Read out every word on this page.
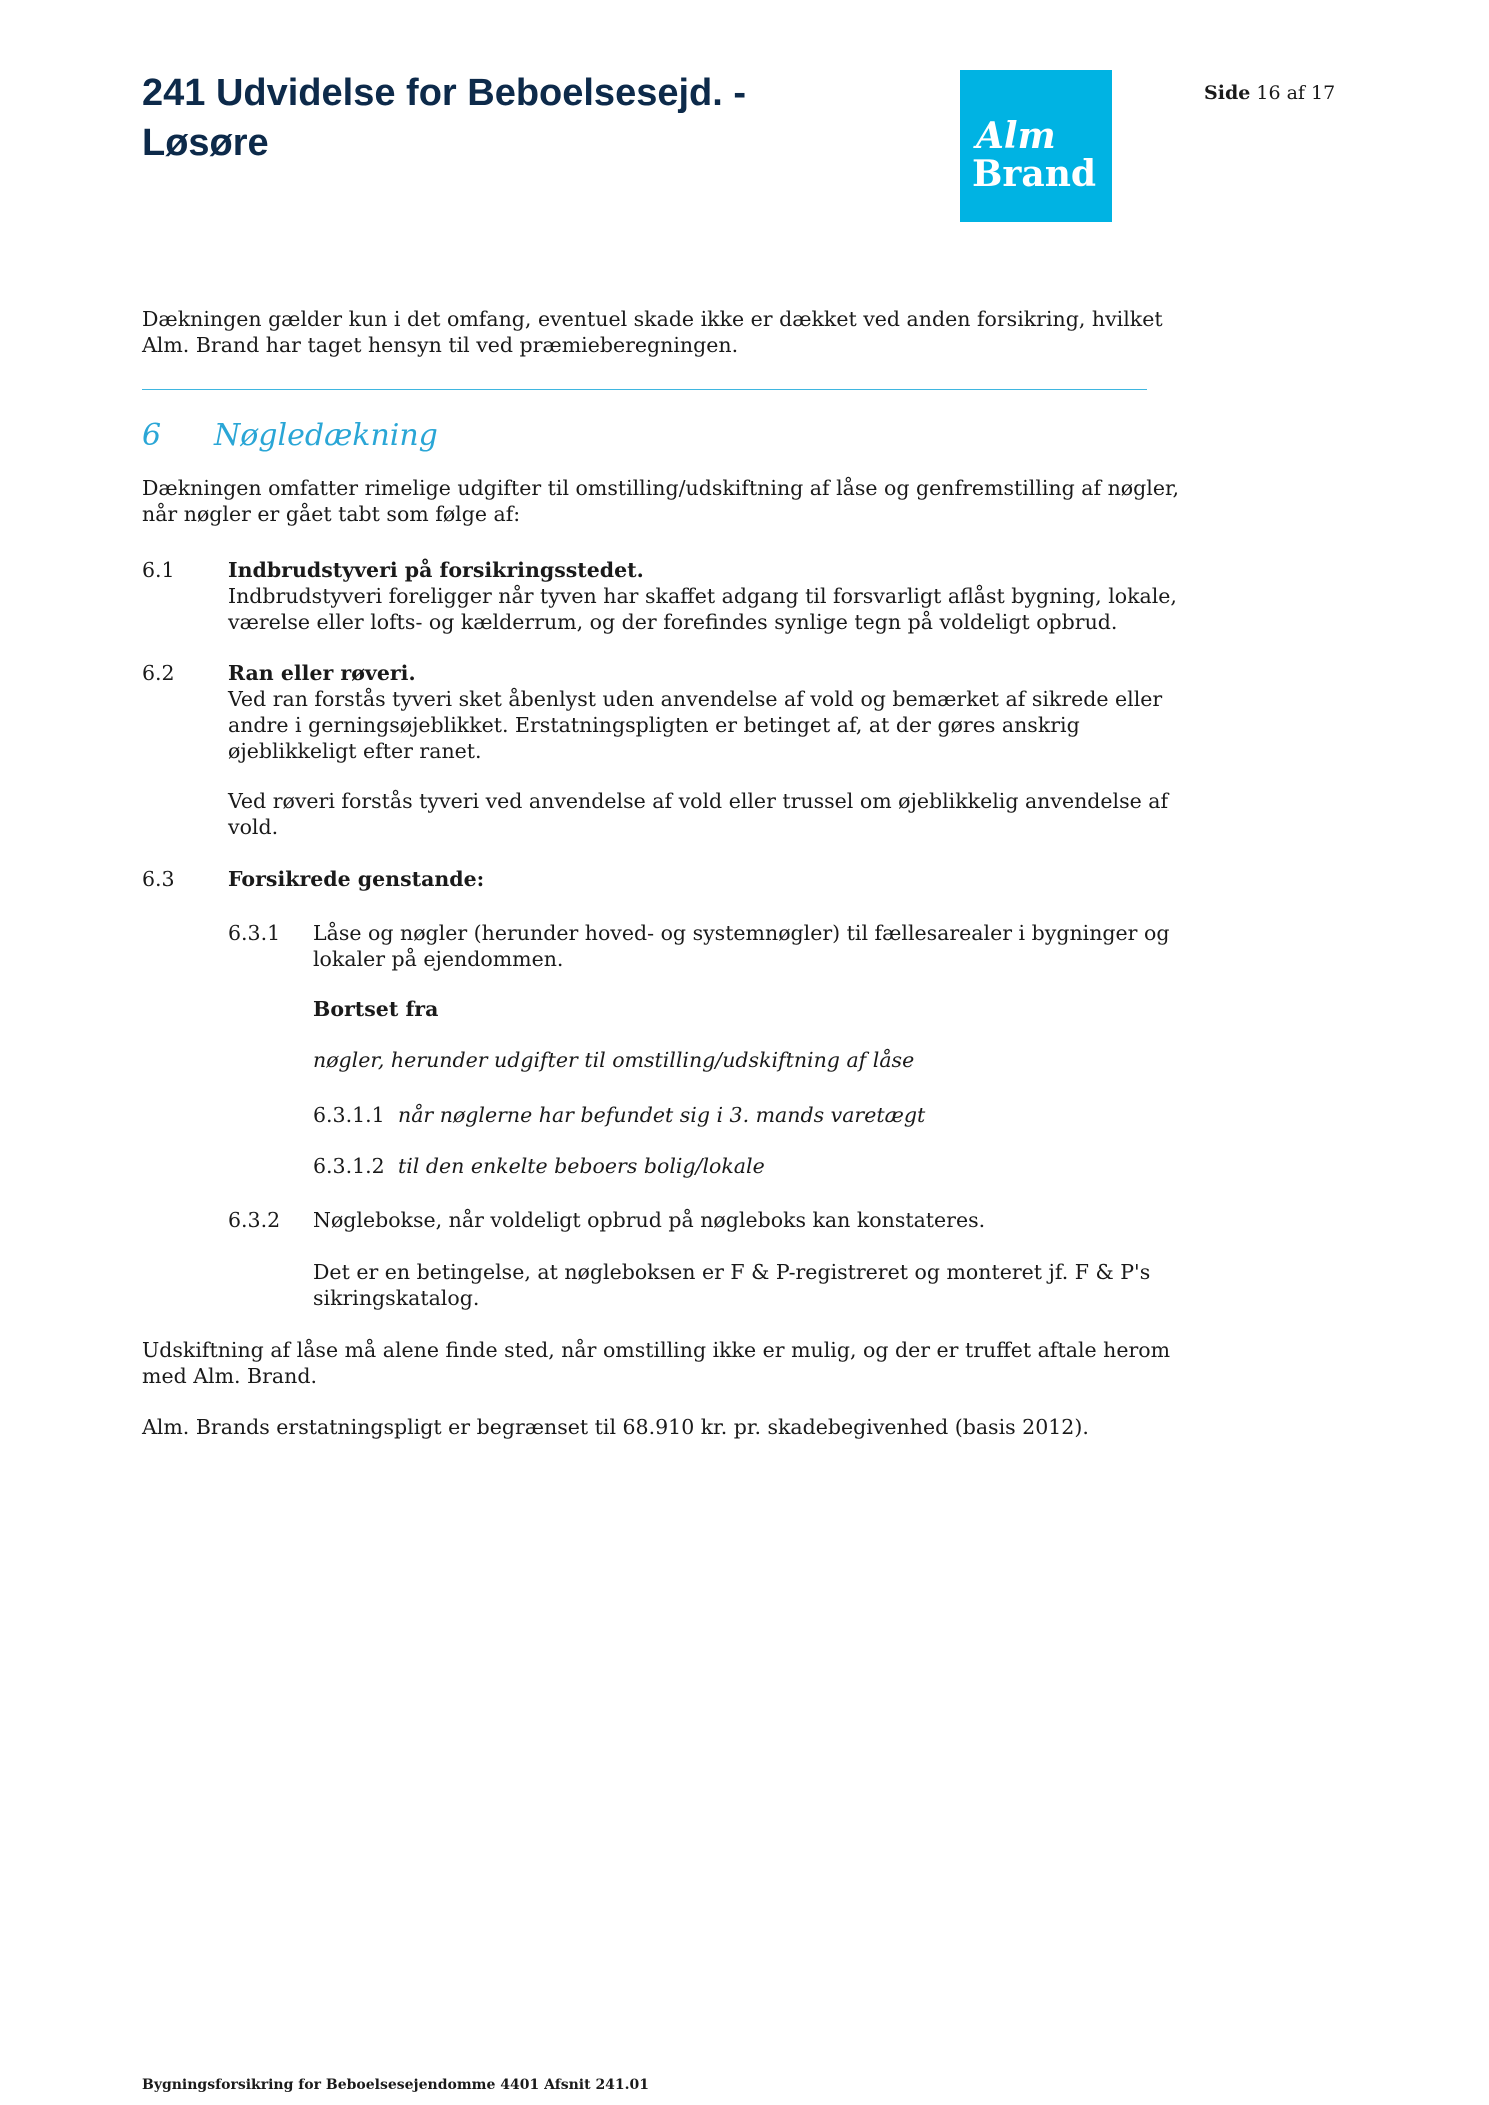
241 Udvidelse for Beboelsesejd. -
Løsøre	Alm
Brand
Side 16 af 17
Dækningen gælder kun i det omfang, eventuel skade ikke er dækket ved anden forsikring, hvilket
Alm. Brand har taget hensyn til ved præmieberegningen.
6 Nøgledækning
Dækningen omfatter rimelige udgifter til omstilling/udskiftning af låse og genfremstilling af nøgler,
når nøgler er gået tabt som følge af:
6.1	Indbrudstyveri på forsikringsstedet.
Indbrudstyveri foreligger når tyven har skaffet adgang til forsvarligt aflåst bygning, lokale,
værelse eller lofts- og kælderrum, og der forefindes synlige tegn på voldeligt opbrud.
6.2	Ran eller røveri.
Ved ran forstås tyveri sket åbenlyst uden anvendelse af vold og bemærket af sikrede eller
andre i gerningsøjeblikket. Erstatningspligten er betinget af, at der gøres anskrig
øjeblikkeligt efter ranet.
Ved røveri forstås tyveri ved anvendelse af vold eller trussel om øjeblikkelig anvendelse af
vold.
6.3	Forsikrede genstande:
6.3.1 Låse og nøgler (herunder hoved- og systemnøgler) til fællesarealer i bygninger og
lokaler på ejendommen.
Bortset fra
nøgler, herunder udgifter til omstilling/udskiftning af låse
6.3.1.1 når nøglerne har befundet sig i 3. mands varetægt
6.3.1.2 til den enkelte beboers bolig/lokale
6.3.2 Nøglebokse, når voldeligt opbrud på nøgleboks kan konstateres.
Det er en betingelse, at nøgleboksen er F & P-registreret og monteret jf. F & P's
sikringskatalog.
Udskiftning af låse må alene finde sted, når omstilling ikke er mulig, og der er truffet aftale herom
med Alm. Brand.
Alm. Brands erstatningspligt er begrænset til 68.910 kr. pr. skadebegivenhed (basis 2012).
Bygningsforsikring for Beboelsesejendomme 4401 Afsnit 241.01
